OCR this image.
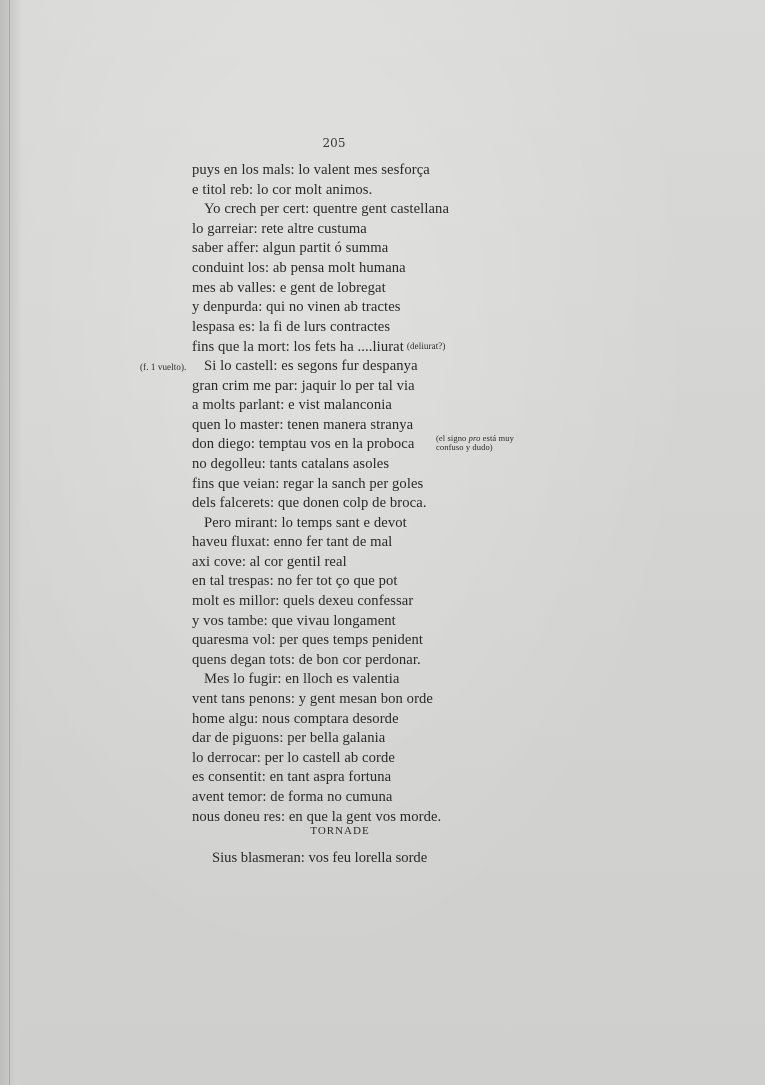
205
puys en los mals: lo valent mes sesforça
e titol reb: lo cor molt animos.
Yo crech per cert: quentre gent castellana
lo garreiar: rete altre custuma
saber affer: algun partit ó summa
conduint los: ab pensa molt humana
mes ab valles: e gent de lobregat
y denpurda: qui no vinen ab tractes
lespasa es: la fi de lurs contractes
fins que la mort: los fets ha ....liurat (deliurat?)
Si lo castell: es segons fur despanya
(f. 1 vuelto).
gran crim me par: jaquir lo per tal via
a molts parlant: e vist malanconia
quen lo master: tenen manera stranya
don diego: temptau vos en la proboca	(el signo pro está muy
confuso y dudo)
no degolleu: tants catalans asoles
fins que veian: regar la sanch per goles
dels falcerets: que donen colp de broca.
Pero mirant: lo temps sant e devot
haveu fluxat: enno fer tant de mal
axi cove: al cor gentil real
en tal trespas: no fer tot ço que pot
molt es millor: quels dexeu confessar
y vos tambe: que vivau longament
quaresma vol: per ques temps penident
quens degan tots: de bon cor perdonar.
Mes lo fugir: en lloch es valentia
vent tans penons: y gent mesan bon orde
home algu: nous comptara desorde
dar de piguons: per bella galania
lo derrocar: per lo castell ab corde
es consentit: en tant aspra fortuna
avent temor: de forma no cumuna
nous doneu res: en que la gent vos morde.
TORNADE
Sius blasmeran: vos feu lorella sorde
